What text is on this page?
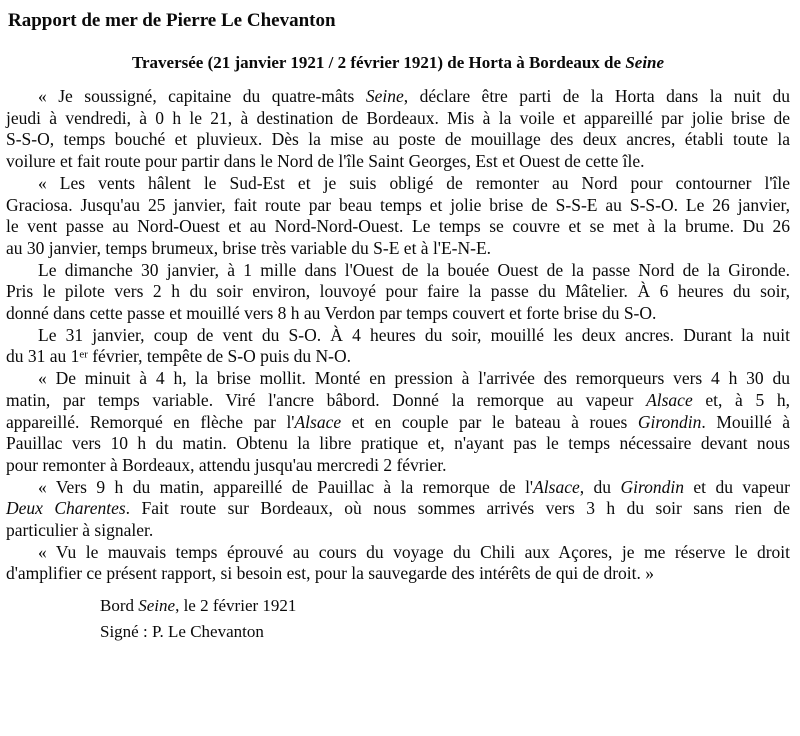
Rapport de mer de Pierre Le Chevanton
Traversée (21 janvier 1921 / 2 février 1921) de Horta à Bordeaux de Seine
« Je soussigné, capitaine du quatre-mâts Seine, déclare être parti de la Horta dans la nuit du
jeudi à vendredi, à 0 h le 21, à destination de Bordeaux. Mis à la voile et appareillé par jolie brise de
S-S-O, temps bouché et pluvieux. Dès la mise au poste de mouillage des deux ancres, établi toute la
voilure et fait route pour partir dans le Nord de l'île Saint Georges, Est et Ouest de cette île.
« Les vents hâlent le Sud-Est et je suis obligé de remonter au Nord pour contourner l'île
Graciosa. Jusqu'au 25 janvier, fait route par beau temps et jolie brise de S-S-E au S-S-O. Le 26 janvier,
le vent passe au Nord-Ouest et au Nord-Nord-Ouest. Le temps se couvre et se met à la brume. Du 26
au 30 janvier, temps brumeux, brise très variable du S-E et à l'E-N-E.
Le dimanche 30 janvier, à 1 mille dans l'Ouest de la bouée Ouest de la passe Nord de la Gironde.
Pris le pilote vers 2 h du soir environ, louvoyé pour faire la passe du Mâtelier. À 6 heures du soir,
donné dans cette passe et mouillé vers 8 h au Verdon par temps couvert et forte brise du S-O.
Le 31 janvier, coup de vent du S-O. À 4 heures du soir, mouillé les deux ancres. Durant la nuit
du 31 au 1er février, tempête de S-O puis du N-O.
« De minuit à 4 h, la brise mollit. Monté en pression à l'arrivée des remorqueurs vers 4 h 30 du
matin, par temps variable. Viré l'ancre bâbord. Donné la remorque au vapeur Alsace et, à 5 h,
appareillé. Remorqué en flèche par l'Alsace et en couple par le bateau à roues Girondin. Mouillé à
Pauillac vers 10 h du matin. Obtenu la libre pratique et, n'ayant pas le temps nécessaire devant nous
pour remonter à Bordeaux, attendu jusqu'au mercredi 2 février.
« Vers 9 h du matin, appareillé de Pauillac à la remorque de l'Alsace, du Girondin et du vapeur
Deux Charentes. Fait route sur Bordeaux, où nous sommes arrivés vers 3 h du soir sans rien de
particulier à signaler.
« Vu le mauvais temps éprouvé au cours du voyage du Chili aux Açores, je me réserve le droit
d'amplifier ce présent rapport, si besoin est, pour la sauvegarde des intérêts de qui de droit. »
Bord Seine, le 2 février 1921
Signé : P. Le Chevanton
